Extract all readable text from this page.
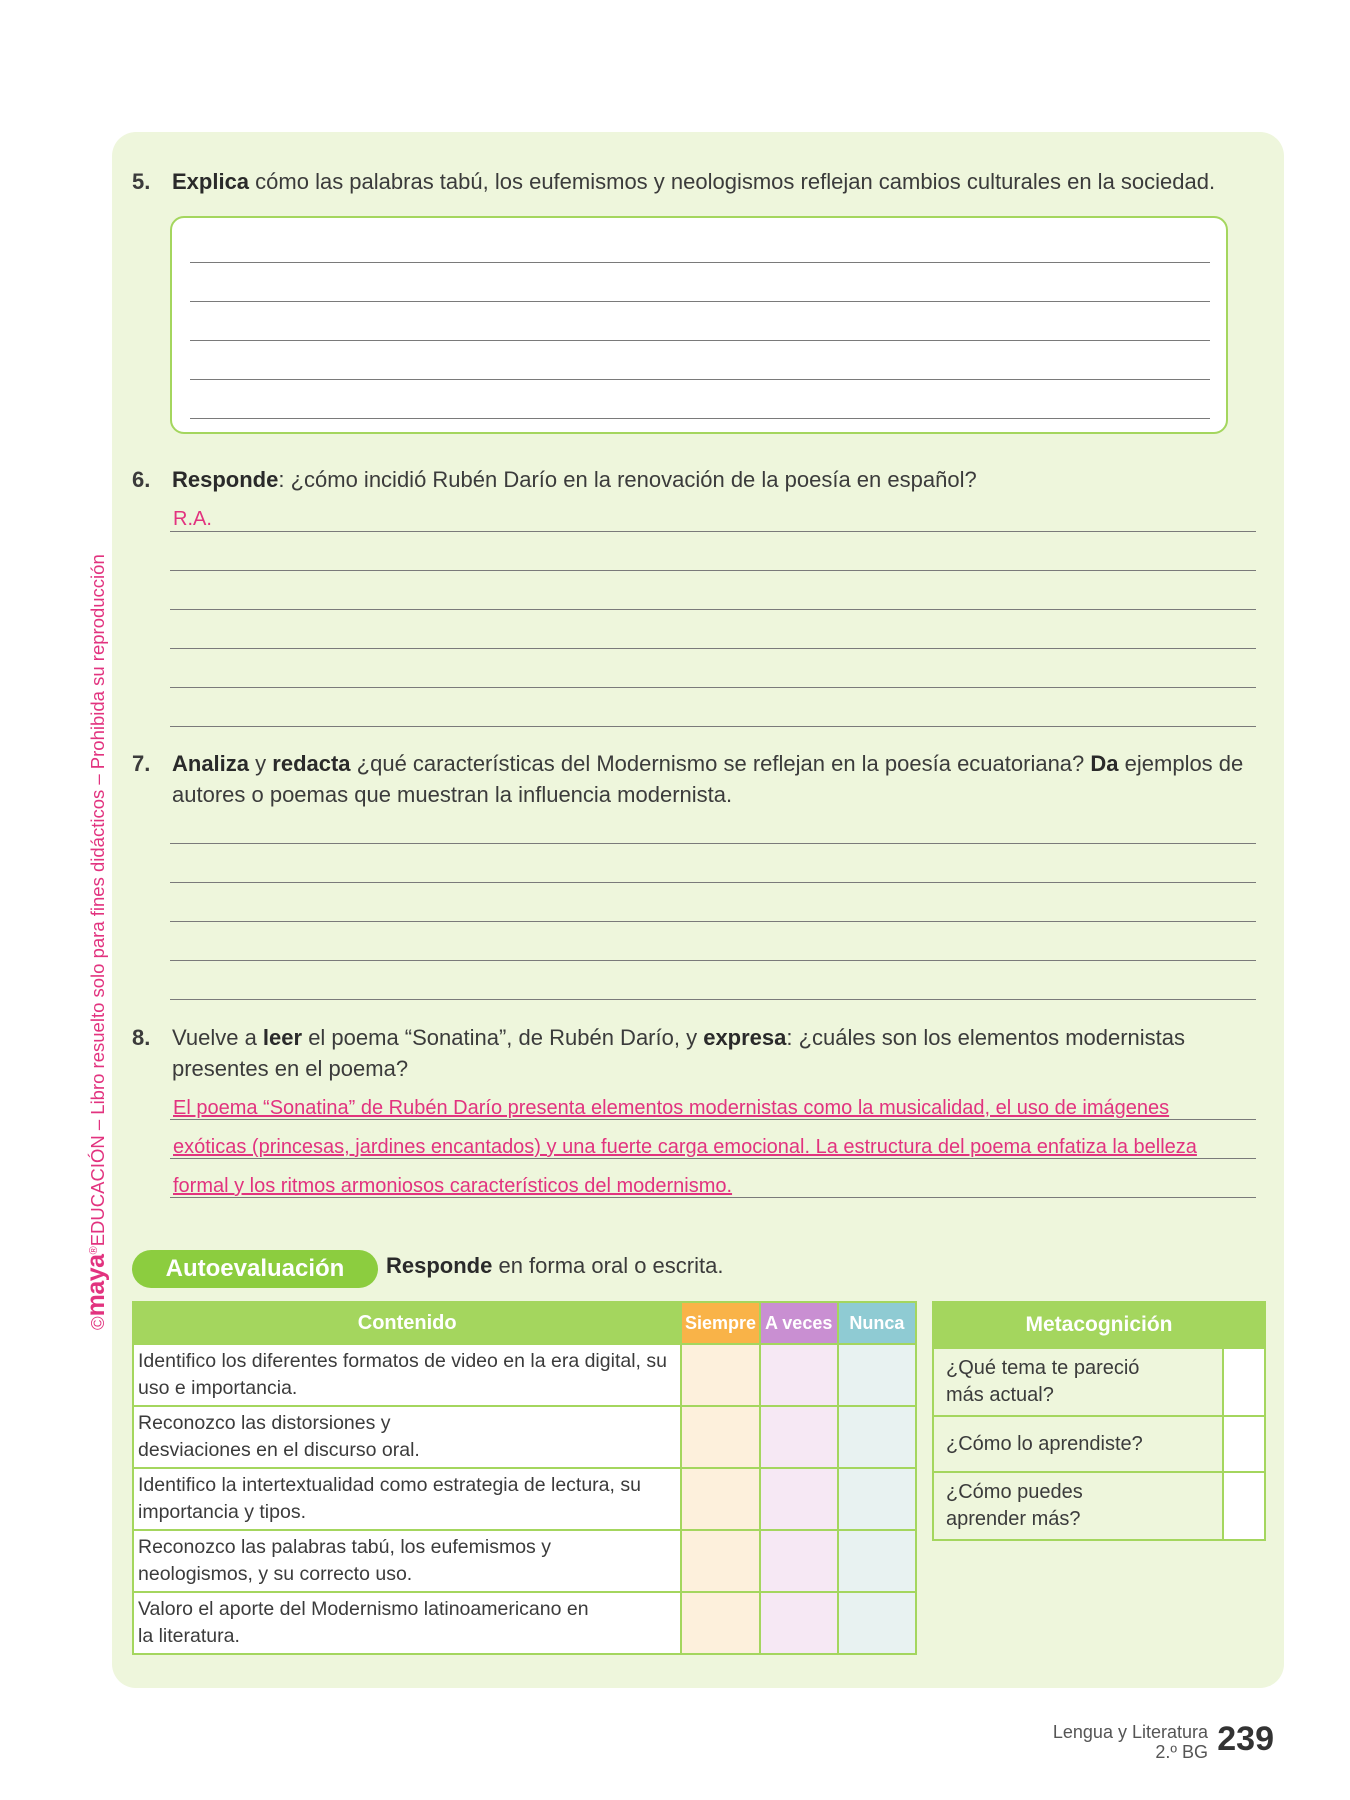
©maya®EDUCACIÓN – Libro resuelto solo para fines didácticos – Prohibida su reproducción
5. Explica cómo las palabras tabú, los eufemismos y neologismos reflejan cambios culturales en la sociedad.
6. Responde: ¿cómo incidió Rubén Darío en la renovación de la poesía en español?
R.A.
7. Analiza y redacta ¿qué características del Modernismo se reflejan en la poesía ecuatoriana? Da ejemplos de autores o poemas que muestran la influencia modernista.
8. Vuelve a leer el poema “Sonatina”, de Rubén Darío, y expresa: ¿cuáles son los elementos modernistas presentes en el poema?
El poema “Sonatina” de Rubén Darío presenta elementos modernistas como la musicalidad, el uso de imágenes
exóticas (princesas, jardines encantados) y una fuerte carga emocional. La estructura del poema enfatiza la belleza
formal y los ritmos armoniosos característicos del modernismo.
Autoevaluación	Responde en forma oral o escrita.
Contenido	Siempre	A veces	Nunca
Identifico los diferentes formatos de video en la era digital, su uso e importancia.			
Reconozco las distorsiones y desviaciones en el discurso oral.			
Identifico la intertextualidad como estrategia de lectura, su importancia y tipos.			
Reconozco las palabras tabú, los eufemismos y neologismos, y su correcto uso.			
Valoro el aporte del Modernismo latinoamericano en la literatura.			
Metacognición	
¿Qué tema te pareció más actual?	
¿Cómo lo aprendiste?	
¿Cómo puedes aprender más?	
Lengua y Literatura
2.º BG 239
